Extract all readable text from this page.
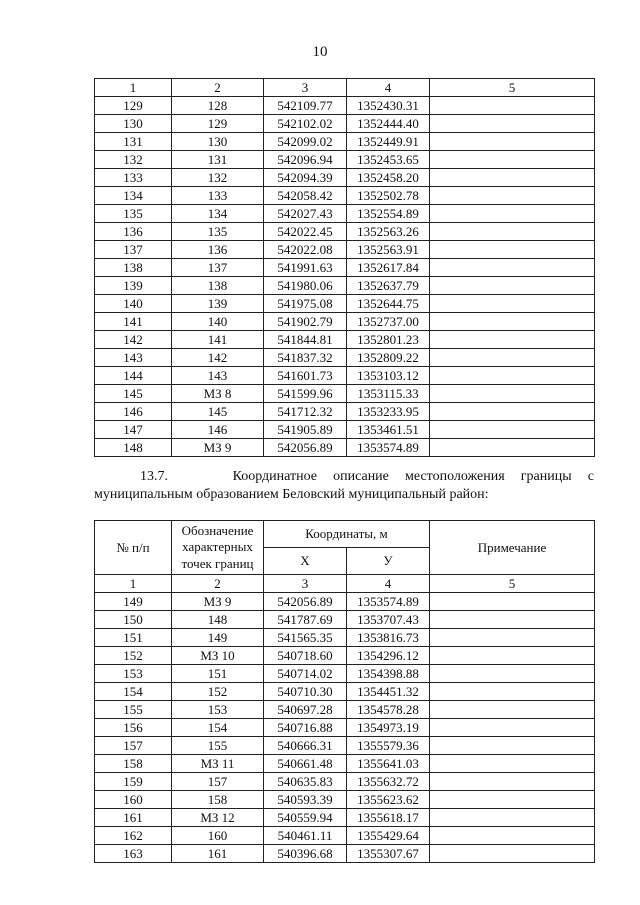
10
1	2	3	4	5
129	128	542109.77	1352430.31	
130	129	542102.02	1352444.40	
131	130	542099.02	1352449.91	
132	131	542096.94	1352453.65	
133	132	542094.39	1352458.20	
134	133	542058.42	1352502.78	
135	134	542027.43	1352554.89	
136	135	542022.45	1352563.26	
137	136	542022.08	1352563.91	
138	137	541991.63	1352617.84	
139	138	541980.06	1352637.79	
140	139	541975.08	1352644.75	
141	140	541902.79	1352737.00	
142	141	541844.81	1352801.23	
143	142	541837.32	1352809.22	
144	143	541601.73	1353103.12	
145	МЗ 8	541599.96	1353115.33	
146	145	541712.32	1353233.95	
147	146	541905.89	1353461.51	
148	МЗ 9	542056.89	1353574.89	
13.7.	Координатное описание местоположения границы с
муниципальным образованием Беловский муниципальный район:
№ п/п	Обозначение характерных точек границ	Координаты, м		Примечание
		X	У	
1	2	3	4	5
149	МЗ 9	542056.89	1353574.89	
150	148	541787.69	1353707.43	
151	149	541565.35	1353816.73	
152	МЗ 10	540718.60	1354296.12	
153	151	540714.02	1354398.88	
154	152	540710.30	1354451.32	
155	153	540697.28	1354578.28	
156	154	540716.88	1354973.19	
157	155	540666.31	1355579.36	
158	МЗ 11	540661.48	1355641.03	
159	157	540635.83	1355632.72	
160	158	540593.39	1355623.62	
161	МЗ 12	540559.94	1355618.17	
162	160	540461.11	1355429.64	
163	161	540396.68	1355307.67	
